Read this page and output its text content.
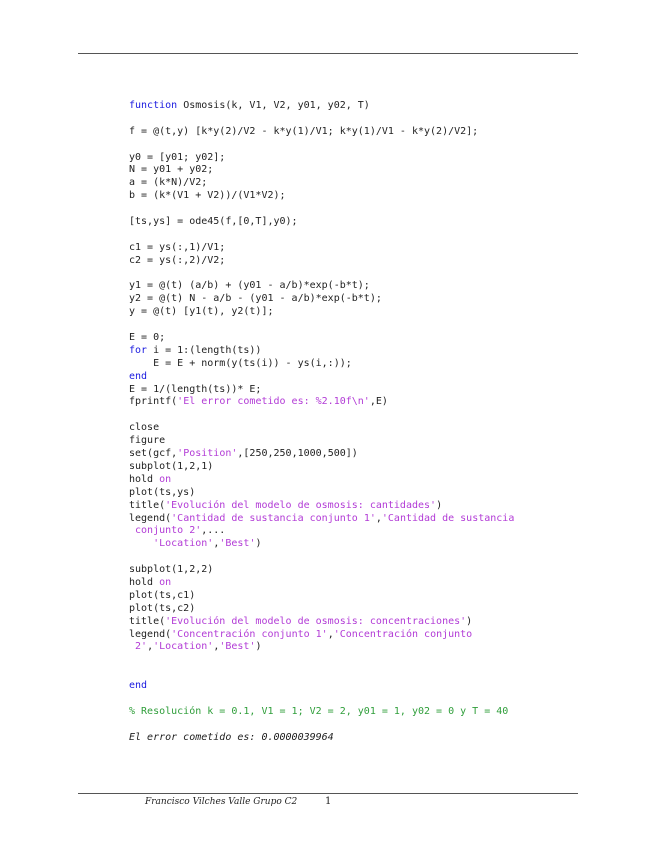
function Osmosis(k, V1, V2, y01, y02, T)

f = @(t,y) [k*y(2)/V2 - k*y(1)/V1; k*y(1)/V1 - k*y(2)/V2];

y0 = [y01; y02];
N = y01 + y02;
a = (k*N)/V2;
b = (k*(V1 + V2))/(V1*V2);

[ts,ys] = ode45(f,[0,T],y0);

c1 = ys(:,1)/V1;
c2 = ys(:,2)/V2;

y1 = @(t) (a/b) + (y01 - a/b)*exp(-b*t);
y2 = @(t) N - a/b - (y01 - a/b)*exp(-b*t);
y = @(t) [y1(t), y2(t)];

E = 0;
for i = 1:(length(ts))
E = E + norm(y(ts(i)) - ys(i,:));
end
E = 1/(length(ts))* E;
fprintf('El error cometido es: %2.10f\n',E)

close
figure
set(gcf,'Position',[250,250,1000,500])
subplot(1,2,1)
hold on
plot(ts,ys)
title('Evolución del modelo de osmosis: cantidades')
legend('Cantidad de sustancia conjunto 1','Cantidad de sustancia
conjunto 2',...
'Location','Best')

subplot(1,2,2)
hold on
plot(ts,c1)
plot(ts,c2)
title('Evolución del modelo de osmosis: concentraciones')
legend('Concentración conjunto 1','Concentración conjunto
2','Location','Best')

end

% Resolución k = 0.1, V1 = 1; V2 = 2, y01 = 1, y02 = 0 y T = 40

El error cometido es: 0.0000039964
Francisco Vilches Valle Grupo C2	1
